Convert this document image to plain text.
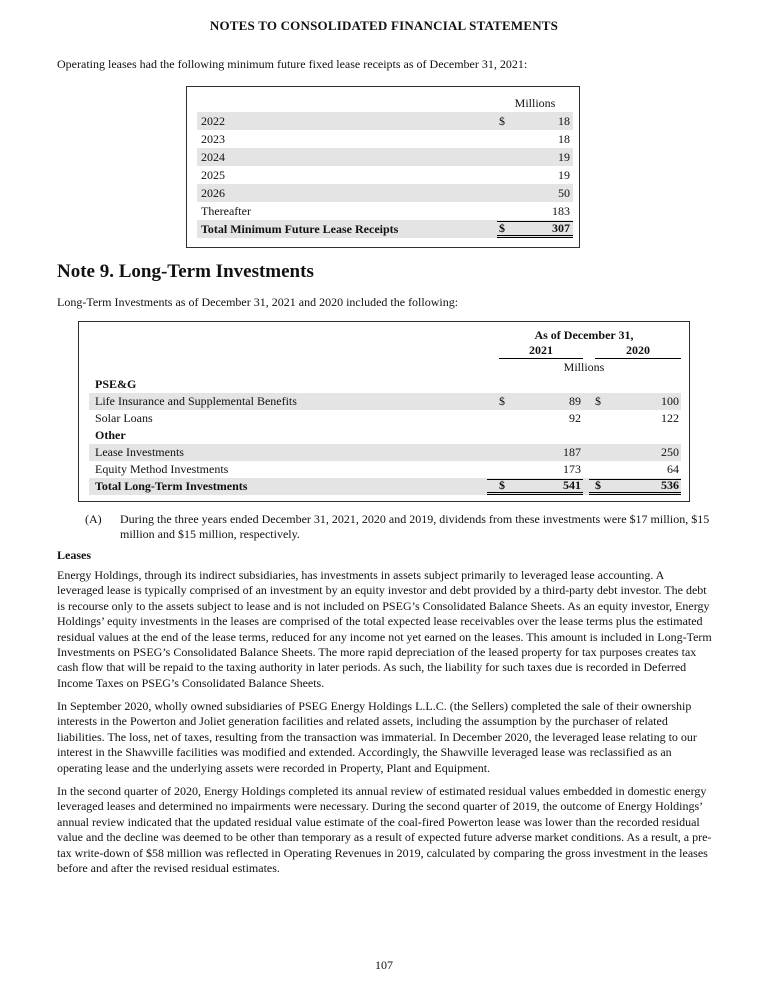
NOTES TO CONSOLIDATED FINANCIAL STATEMENTS
Operating leases had the following minimum future fixed lease receipts as of December 31, 2021:
Millions
2022	$	18
2023	18
2024	19
2025	19
2026	50
Thereafter	183
Total Minimum Future Lease Receipts	$	307
Note 9. Long-Term Investments
Long-Term Investments as of December 31, 2021 and 2020 included the following:
As of December 31,
2021	2020
Millions
PSE&G
Life Insurance and Supplemental Benefits	$	89	$	100
Solar Loans	92	122
Other
Lease Investments	187	250
Equity Method Investments	173	64
Total Long-Term Investments	$	541	$	536
(A)	During the three years ended December 31, 2021, 2020 and 2019, dividends from these investments were $17 million, $15 million and $15 million, respectively.
Leases
Energy Holdings, through its indirect subsidiaries, has investments in assets subject primarily to leveraged lease accounting. A leveraged lease is typically comprised of an investment by an equity investor and debt provided by a third-party debt investor. The debt is recourse only to the assets subject to lease and is not included on PSEG’s Consolidated Balance Sheets. As an equity investor, Energy Holdings’ equity investments in the leases are comprised of the total expected lease receivables over the lease terms plus the estimated residual values at the end of the lease terms, reduced for any income not yet earned on the leases. This amount is included in Long-Term Investments on PSEG’s Consolidated Balance Sheets. The more rapid depreciation of the leased property for tax purposes creates tax cash flow that will be repaid to the taxing authority in later periods. As such, the liability for such taxes due is recorded in Deferred Income Taxes on PSEG’s Consolidated Balance Sheets.
In September 2020, wholly owned subsidiaries of PSEG Energy Holdings L.L.C. (the Sellers) completed the sale of their ownership interests in the Powerton and Joliet generation facilities and related assets, including the assumption by the purchaser of related liabilities. The loss, net of taxes, resulting from the transaction was immaterial. In December 2020, the leveraged lease relating to our interest in the Shawville facilities was modified and extended. Accordingly, the Shawville leveraged lease was reclassified as an operating lease and the underlying assets were recorded in Property, Plant and Equipment.
In the second quarter of 2020, Energy Holdings completed its annual review of estimated residual values embedded in domestic energy leveraged leases and determined no impairments were necessary. During the second quarter of 2019, the outcome of Energy Holdings’ annual review indicated that the updated residual value estimate of the coal-fired Powerton lease was lower than the recorded residual value and the decline was deemed to be other than temporary as a result of expected future adverse market conditions. As a result, a pre-tax write-down of $58 million was reflected in Operating Revenues in 2019, calculated by comparing the gross investment in the leases before and after the revised residual estimates.
107
